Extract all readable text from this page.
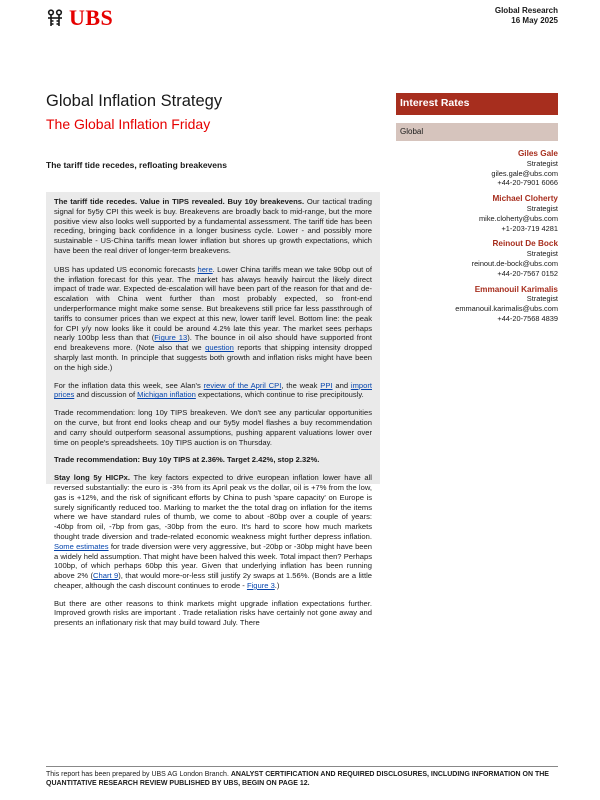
UBS	Global Research
16 May 2025
Global Inflation Strategy
The Global Inflation Friday
The tariff tide recedes, refloating breakevens
Interest Rates
Global
Giles Gale
Strategist
giles.gale@ubs.com
+44-20-7901 6066
Michael Cloherty
Strategist
mike.cloherty@ubs.com
+1-203-719 4281
Reinout De Bock
Strategist
reinout.de-bock@ubs.com
+44-20-7567 0152
Emmanouil Karimalis
Strategist
emmanouil.karimalis@ubs.com
+44-20-7568 4839

The tariff tide recedes. Value in TIPS revealed. Buy 10y breakevens. Our tactical trading signal for 5y5y CPI this week is buy. Breakevens are broadly back to mid-range, but the more positive view also looks well supported by a fundamental assessment. The tariff tide has been receding, bringing back confidence in a longer business cycle. Lower - and possibly more sustainable - US-China tariffs mean lower inflation but shores up growth expectations, which have been the real driver of longer-term breakevens.

UBS has updated US economic forecasts here. Lower China tariffs mean we take 90bp out of the inflation forecast for this year. The market has always heavily haircut the likely direct impact of trade war. Expected de-escalation will have been part of the reason for that and de-escalation with China went further than most probably expected, so front-end underperformance might make some sense. But breakevens still price far less passthrough of tariffs to consumer prices than we expect at this new, lower tariff level. Bottom line: the peak for CPI y/y now looks like it could be around 4.2% late this year. The market sees perhaps nearly 100bp less than that (Figure 13). The bounce in oil also should have supported front end breakevens more. (Note also that we question reports that shipping intensity dropped sharply last month. In principle that suggests both growth and inflation risks might have been on the high side.)

For the inflation data this week, see Alan's review of the April CPI, the weak PPI and import prices and discussion of Michigan inflation expectations, which continue to rise precipitously.

Trade recommendation: long 10y TIPS breakeven. We don't see any particular opportunities on the curve, but front end looks cheap and our 5y5y model flashes a buy recommendation and carry should outperform seasonal assumptions, pushing apparent valuations lower over time on people's spreadsheets. 10y TIPS auction is on Thursday.

Trade recommendation: Buy 10y TIPS at 2.36%. Target 2.42%, stop 2.32%.

Stay long 5y HICPx. The key factors expected to drive european inflation lower have all reversed substantially: the euro is -3% from its April peak vs the dollar, oil is +7% from the low, gas is +12%, and the risk of significant efforts by China to push 'spare capacity' on Europe is surely significantly reduced too. Marking to market the the total drag on inflation for the items where we have standard rules of thumb, we come to about -80bp over a couple of years: -40bp from oil, -7bp from gas, -30bp from the euro. It's hard to score how much markets thought trade diversion and trade-related economic weakness might further depress inflation. Some estimates for trade diversion were very aggressive, but -20bp or -30bp might have been a widely held assumption. That might have been halved this week. Total impact then? Perhaps 100bp, of which perhaps 60bp this year. Given that underlying inflation has been running above 2% (Chart 9), that would more-or-less still justify 2y swaps at 1.56%. (Bonds are a little cheaper, although the cash discount continues to erode - Figure 3.)

But there are other reasons to think markets might upgrade inflation expectations further. Improved growth risks are important . Trade retaliation risks have certainly not gone away and presents an inflationary risk that may build toward July. There

This report has been prepared by UBS AG London Branch. ANALYST CERTIFICATION AND REQUIRED DISCLOSURES, INCLUDING INFORMATION ON THE QUANTITATIVE RESEARCH REVIEW PUBLISHED BY UBS, BEGIN ON PAGE 12.
